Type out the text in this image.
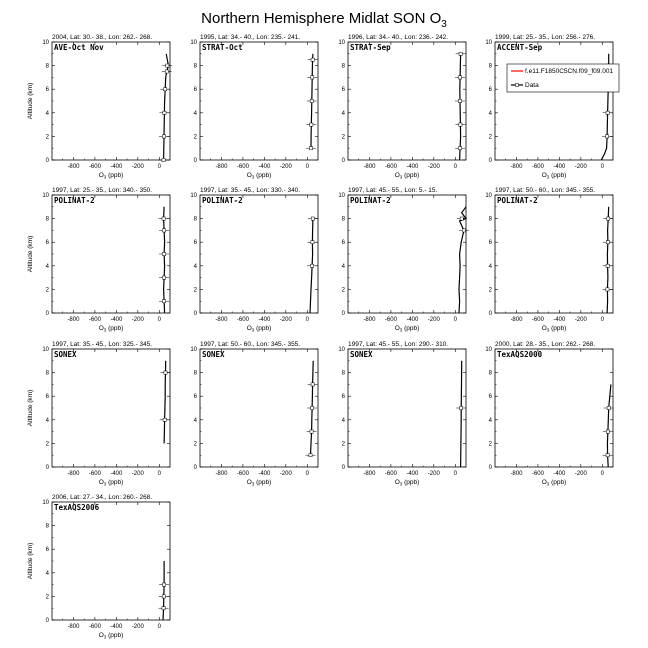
Northern Hemisphere Midlat SON $O_3$
2004, Lat: 30.- 38., Lon: 262.- 268.
AVE-Oct Nov
0
2
4
6
8
10
-800 -600 -400 -200 0
$O_3$ (ppb)
Altitude (km)
1995, Lat: 34.- 40., Lon: 235.- 241.
STRAT-Oct
0
2
4
6
8
10
-800 -600 -400 -200 0
$O_3$ (ppb)
1996, Lat: 34.- 40., Lon: 236.- 242.
STRAT-Sep
0
2
4
6
8
10
-800 -600 -400 -200 0
$O_3$ (ppb)
1999, Lat: 25.- 35., Lon: 256.- 276.
ACCENT-Sep
0
2
4
6
8
10
-800 -600 -400 -200 0
$O_3$ (ppb)
f.e11.F1850C5CN.f09_f09.001
Data
1997, Lat: 25.- 35., Lon: 340.- 350.
POLINAT-2
0
2
4
6
8
10
-800 -600 -400 -200 0
$O_3$ (ppb)
Altitude (km)
1997, Lat: 35.- 45., Lon: 330.- 340.
POLINAT-2
0
2
4
6
8
10
-800 -600 -400 -200 0
$O_3$ (ppb)
1997, Lat: 45.- 55., Lon: 5.- 15.
POLINAT-2
0
2
4
6
8
10
-800 -600 -400 -200 0
$O_3$ (ppb)
1997, Lat: 50.- 60., Lon: 345.- 355.
POLINAT-2
0
2
4
6
8
10
-800 -600 -400 -200 0
$O_3$ (ppb)
1997, Lat: 35.- 45., Lon: 325.- 345.
SONEX
0
2
4
6
8
10
-800 -600 -400 -200 0
$O_3$ (ppb)
Altitude (km)
1997, Lat: 50.- 60., Lon: 345.- 355.
SONEX
0
2
4
6
8
10
-800 -600 -400 -200 0
$O_3$ (ppb)
1997, Lat: 45.- 55., Lon: 290.- 310.
SONEX
0
2
4
6
8
10
-800 -600 -400 -200 0
$O_3$ (ppb)
2000, Lat: 28.- 35., Lon: 262.- 268.
TexAQS2000
0
2
4
6
8
10
-800 -600 -400 -200 0
$O_3$ (ppb)
2006, Lat: 27.- 34., Lon: 260.- 268.
TexAQS2006
0
2
4
6
8
10
-800 -600 -400 -200 0
$O_3$ (ppb)
Altitude (km)
